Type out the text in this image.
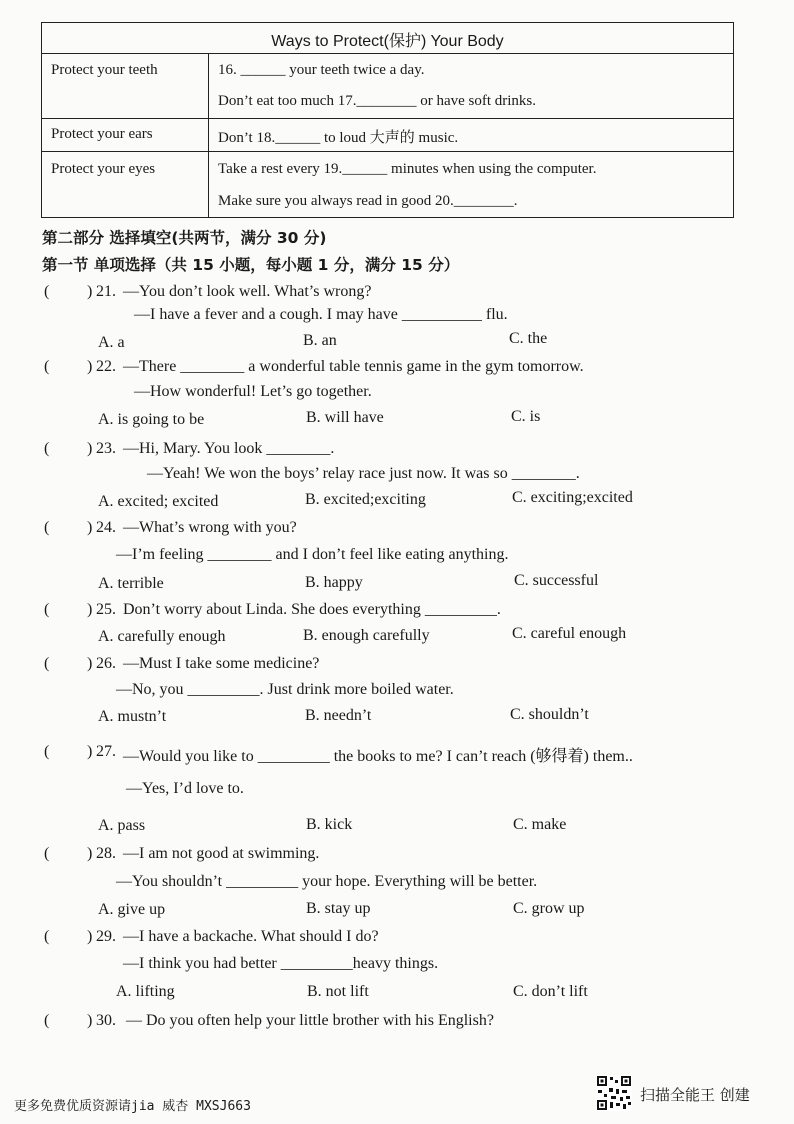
Ways to Protect(保护) Your Body
Protect your teeth	16. ______ your teeth twice a day.
Don’t eat too much 17.________ or have soft drinks.
Protect your ears	Don’t 18.______ to loud 大声的 music.
Protect your eyes	Take a rest every 19.______ minutes when using the computer.
Make sure you always read in good 20.________.
第二部分 选择填空(共两节，满分 30 分)
第一节 单项选择（共 15 小题，每小题 1 分，满分 15 分）
( ) 21. —You don’t look well. What’s wrong?
—I have a fever and a cough. I may have __________ flu.
A. a	B. an	C. the
( ) 22. —There ________ a wonderful table tennis game in the gym tomorrow.
—How wonderful! Let’s go together.
A. is going to be	B. will have	C. is
( ) 23. —Hi, Mary. You look ________.
—Yeah! We won the boys’ relay race just now. It was so ________.
A. excited; excited	B. excited;exciting	C. exciting;excited
( ) 24. —What’s wrong with you?
—I’m feeling ________ and I don’t feel like eating anything.
A. terrible	B. happy	C. successful
( ) 25. Don’t worry about Linda. She does everything _________.
A. carefully enough	B. enough carefully	C. careful enough
( ) 26. —Must I take some medicine?
—No, you _________. Just drink more boiled water.
A. mustn’t	B. needn’t	C. shouldn’t
( ) 27. —Would you like to _________ the books to me? I can’t reach (够得着) them..
—Yes, I’d love to.
A. pass	B. kick	C. make
( ) 28. —I am not good at swimming.
—You shouldn’t _________ your hope. Everything will be better.
A. give up	B. stay up	C. grow up
( ) 29. —I have a backache. What should I do?
—I think you had better _________heavy things.
A. lifting	B. not lift	C. don’t lift
( ) 30. — Do you often help your little brother with his English?
更多免费优质资源请jia 威杏 MXSJ663
扫描全能王 创建
